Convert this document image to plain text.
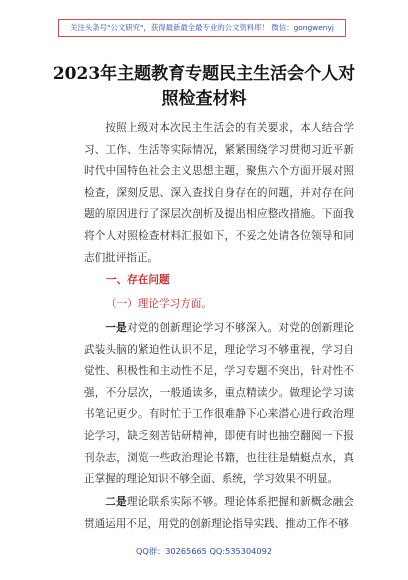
关注头条号"公文研究"，获得最新最全最专业的公文资料库！ 微信：gongwenyj
2023年主题教育专题民主生活会个人对
照检查材料
按照上级对本次民主生活会的有关要求，本人结合学习、工作、生活等实际情况，紧紧围绕学习贯彻习近平新时代中国特色社会主义思想主题，聚焦六个方面开展对照检查，深刻反思、深入查找自身存在的问题，并对存在问题的原因进行了深层次剖析及提出相应整改措施。下面我将个人对照检查材料汇报如下，不妥之处请各位领导和同志们批评指正。
一、存在问题
（一）理论学习方面。
一是对党的创新理论学习不够深入。对党的创新理论武装头脑的紧迫性认识不足，理论学习不够重视，学习自觉性、积极性和主动性不足，学习专题不突出，针对性不强，不分层次，一般通读多，重点精读少。做理论学习读书笔记更少。有时忙于工作很难静下心来潜心进行政治理论学习，缺乏刻苦钻研精神，即使有时也抽空翻阅一下报刊杂志，浏览一些政治理论书籍，也往往是蜻蜓点水，真正掌握的理论知识不够全面、系统，学习效果不明显。
二是理论联系实际不够。理论体系把握和新概念融会贯通运用不足，用党的创新理论指导实践、推动工作不够
QQ群：30265665 QQ:535304092
